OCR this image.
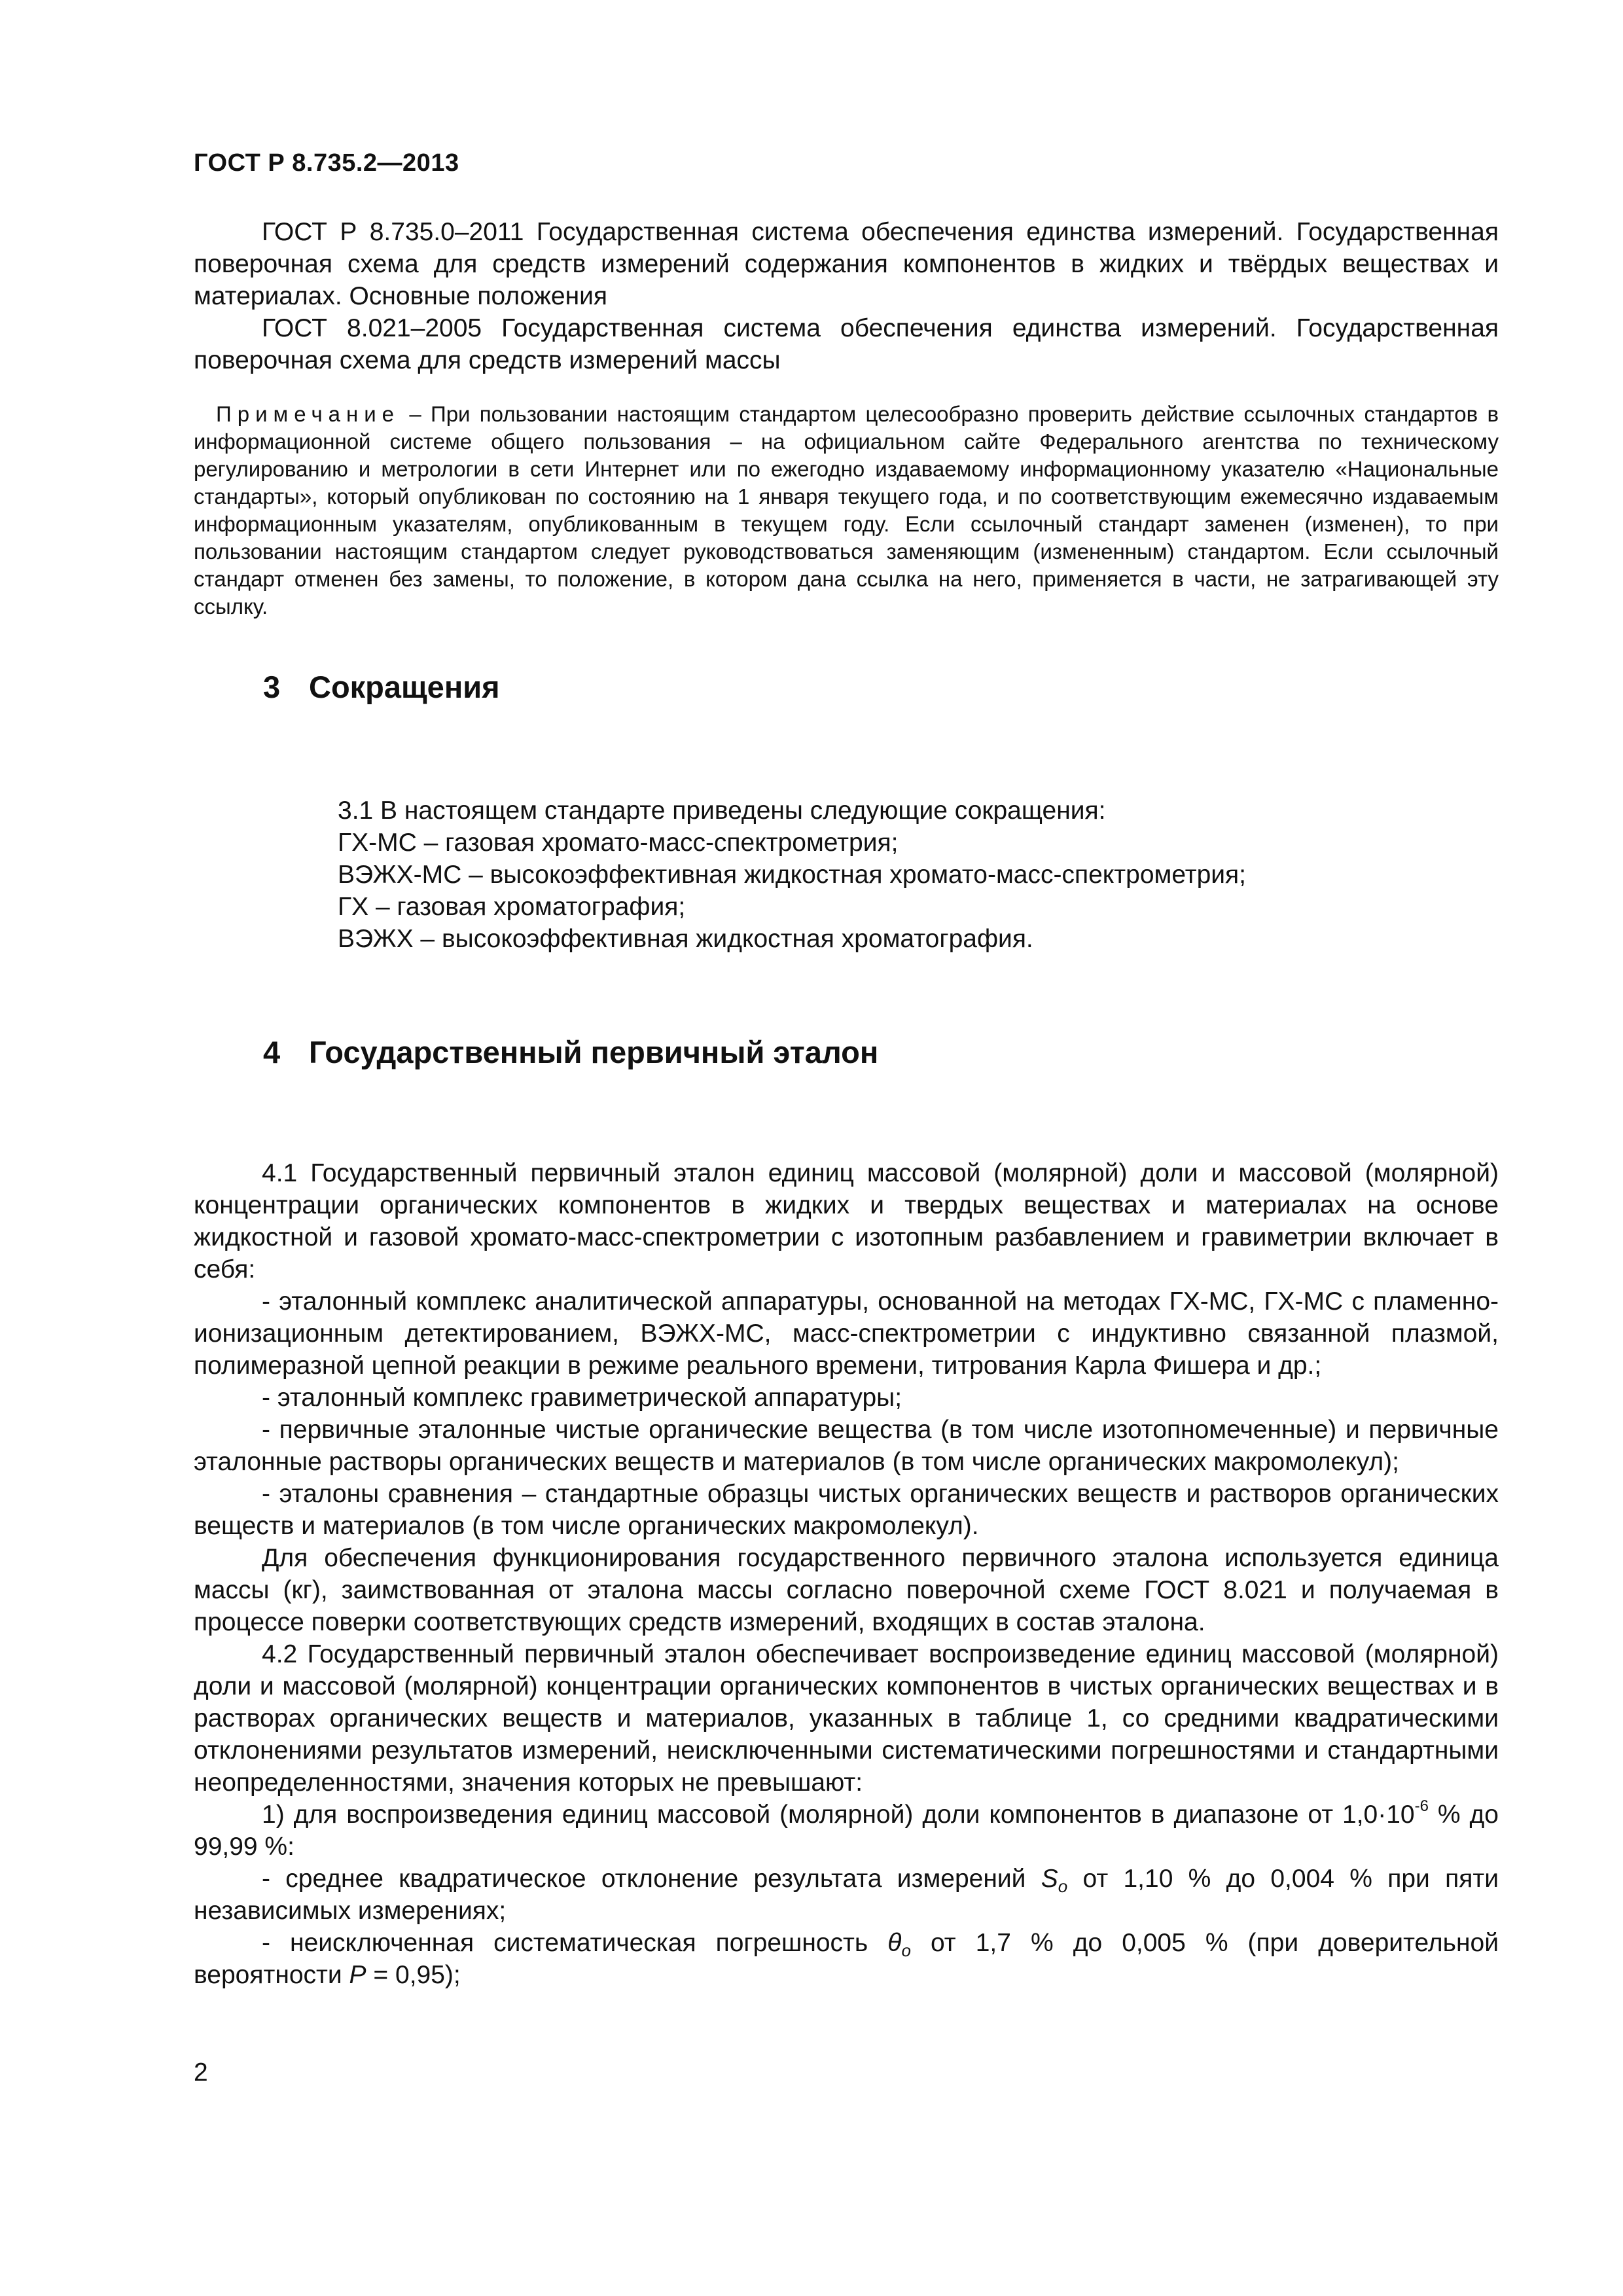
ГОСТ Р 8.735.2—2013

ГОСТ Р 8.735.0–2011 Государственная система обеспечения единства измерений. Государственная поверочная схема для средств измерений содержания компонентов в жидких и твёрдых веществах и материалах. Основные положения

ГОСТ 8.021–2005 Государственная система обеспечения единства измерений. Государственная поверочная схема для средств измерений массы

Примечание – При пользовании настоящим стандартом целесообразно проверить действие ссылочных стандартов в информационной системе общего пользования – на официальном сайте Федерального агентства по техническому регулированию и метрологии в сети Интернет или по ежегодно издаваемому информационному указателю «Национальные стандарты», который опубликован по состоянию на 1 января текущего года, и по соответствующим ежемесячно издаваемым информационным указателям, опубликованным в текущем году. Если ссылочный стандарт заменен (изменен), то при пользовании настоящим стандартом следует руководствоваться заменяющим (измененным) стандартом. Если ссылочный стандарт отменен без замены, то положение, в котором дана ссылка на него, применяется в части, не затрагивающей эту ссылку.

3 Сокращения
3.1 В настоящем стандарте приведены следующие сокращения:
ГХ-МС – газовая хромато-масс-спектрометрия;
ВЭЖХ-МС – высокоэффективная жидкостная хромато-масс-спектрометрия;
ГХ – газовая хроматография;
ВЭЖХ – высокоэффективная жидкостная хроматография.
4 Государственный первичный эталон

4.1 Государственный первичный эталон единиц массовой (молярной) доли и массовой (молярной) концентрации органических компонентов в жидких и твердых веществах и материалах на основе жидкостной и газовой хромато-масс-спектрометрии с изотопным разбавлением и гравиметрии включает в себя:

- эталонный комплекс аналитической аппаратуры, основанной на методах ГХ-МС, ГХ-МС с пламенно-ионизационным детектированием, ВЭЖХ-МС, масс-спектрометрии с индуктивно связанной плазмой, полимеразной цепной реакции в режиме реального времени, титрования Карла Фишера и др.;

- эталонный комплекс гравиметрической аппаратуры;

- первичные эталонные чистые органические вещества (в том числе изотопномеченные) и первичные эталонные растворы органических веществ и материалов (в том числе органических макромолекул);

- эталоны сравнения – стандартные образцы чистых органических веществ и растворов органических веществ и материалов (в том числе органических макромолекул).

Для обеспечения функционирования государственного первичного эталона используется единица массы (кг), заимствованная от эталона массы согласно поверочной схеме ГОСТ 8.021 и получаемая в процессе поверки соответствующих средств измерений, входящих в состав эталона.

4.2 Государственный первичный эталон обеспечивает воспроизведение единиц массовой (молярной) доли и массовой (молярной) концентрации органических компонентов в чистых органических веществах и в растворах органических веществ и материалов, указанных в таблице 1, со средними квадратическими отклонениями результатов измерений, неисключенными систематическими погрешностями и стандартными неопределенностями, значения которых не превышают:

1) для воспроизведения единиц массовой (молярной) доли компонентов в диапазоне от $1,0\cdot 10^{-6}$ % до 99,99 %:

- среднее квадратическое отклонение результата измерений $S_o$ от 1,10 % до 0,004 % при пяти независимых измерениях;

- неисключенная систематическая погрешность $\theta_o$ от 1,7 % до 0,005 % (при доверительной вероятности P = 0,95);

2
